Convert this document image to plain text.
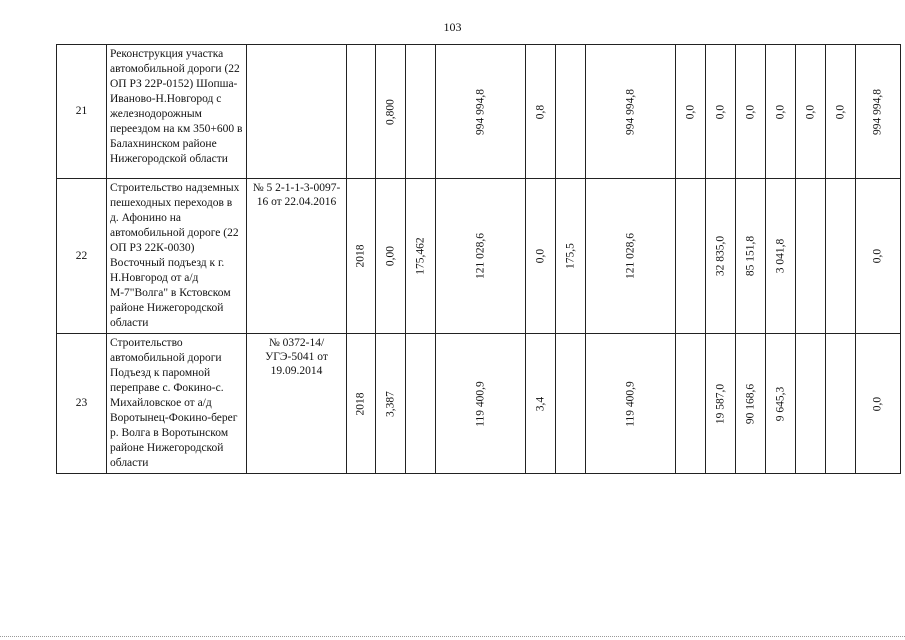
103
21	Реконструкция участка автомобильной дороги (22 ОП РЗ 22Р-0152) Шопша-Иваново-Н.Новгород с железнодорожным переездом на км 350+600 в Балахнинском районе Нижегородской области			0,800		994 994,8	0,8		994 994,8	0,0	0,0	0,0	0,0	0,0	0,0	994 994,8

22	Строительство надземных пешеходных переходов в д. Афонино на автомобильной дороге (22 ОП РЗ 22К-0030) Восточный подъезд к г. Н.Новгород от а/д М-7"Волга" в Кстовском районе Нижегородской области	№ 5 2-1-1-3-0097-16 от 22.04.2016	2018	0,00	175,462	121 028,6	0,0	175,5	121 028,6		32 835,0	85 151,8	3 041,8			0,0

23	Строительство автомобильной дороги Подъезд к паромной переправе с. Фокино-с. Михайловское от а/д Воротынец-Фокино-берег р. Волга в Воротынском районе Нижегородской области	№ 0372-14/УГЭ-5041 от 19.09.2014	2018	3,387		119 400,9	3,4		119 400,9		19 587,0	90 168,6	9 645,3			0,0
